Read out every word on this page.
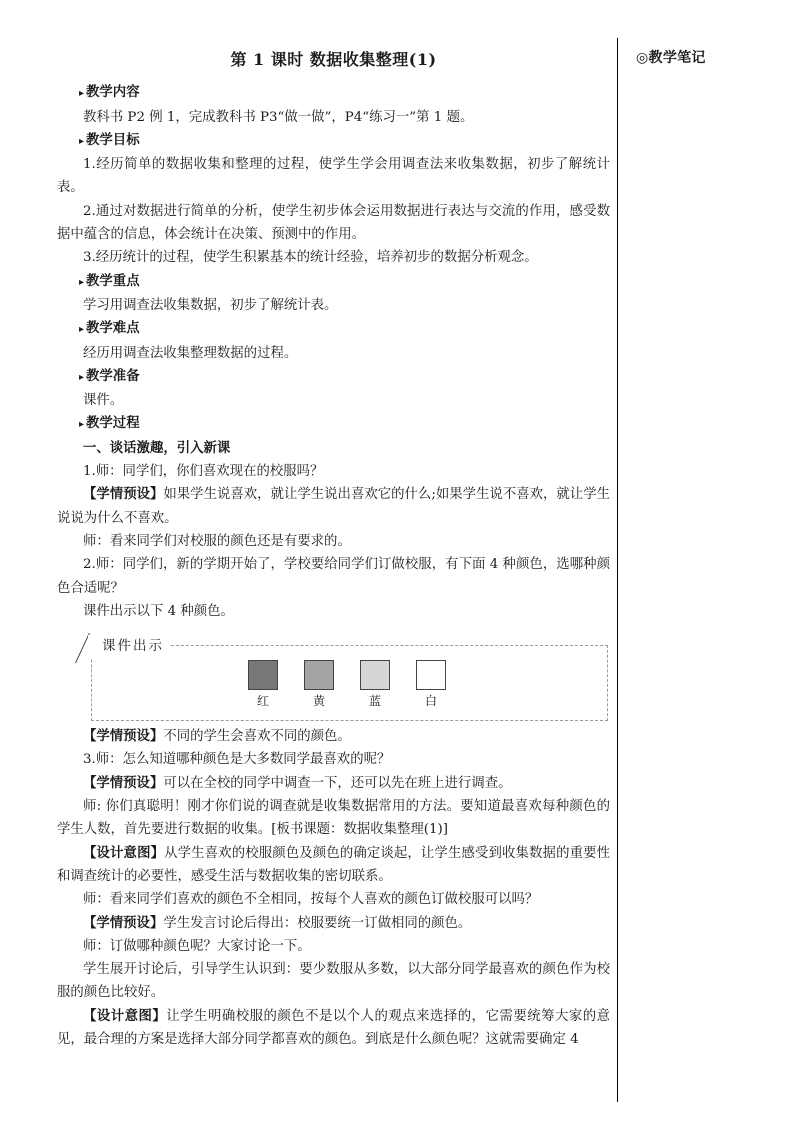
◎教学笔记
第 1 课时 数据收集整理(1)
▸ 教学内容
教科书 P2 例 1，完成教科书 P3“做一做”，P4“练习一”第 1 题。
▸ 教学目标
1.经历简单的数据收集和整理的过程，使学生学会用调查法来收集数据，初步了解统计表。
2.通过对数据进行简单的分析，使学生初步体会运用数据进行表达与交流的作用，感受数据中蕴含的信息，体会统计在决策、预测中的作用。
3.经历统计的过程，使学生积累基本的统计经验，培养初步的数据分析观念。
▸ 教学重点
学习用调查法收集数据，初步了解统计表。
▸ 教学难点
经历用调查法收集整理数据的过程。
▸ 教学准备
课件。
▸ 教学过程
一、谈话激趣，引入新课
1.师：同学们，你们喜欢现在的校服吗？
【学情预设】如果学生说喜欢，就让学生说出喜欢它的什么;如果学生说不喜欢，就让学生说说为什么不喜欢。
师：看来同学们对校服的颜色还是有要求的。
2.师：同学们，新的学期开始了，学校要给同学们订做校服，有下面 4 种颜色，选哪种颜色合适呢？
课件出示以下 4 种颜色。
课件出示
红	黄	蓝	白
【学情预设】不同的学生会喜欢不同的颜色。
3.师：怎么知道哪种颜色是大多数同学最喜欢的呢？
【学情预设】可以在全校的同学中调查一下，还可以先在班上进行调查。
师: 你们真聪明！刚才你们说的调查就是收集数据常用的方法。要知道最喜欢每种颜色的学生人数，首先要进行数据的收集。[板书课题：数据收集整理(1)]
【设计意图】从学生喜欢的校服颜色及颜色的确定谈起，让学生感受到收集数据的重要性和调查统计的必要性，感受生活与数据收集的密切联系。
师：看来同学们喜欢的颜色不全相同，按每个人喜欢的颜色订做校服可以吗？
【学情预设】学生发言讨论后得出：校服要统一订做相同的颜色。
师：订做哪种颜色呢？大家讨论一下。
学生展开讨论后，引导学生认识到：要少数服从多数，以大部分同学最喜欢的颜色作为校服的颜色比较好。
【设计意图】让学生明确校服的颜色不是以个人的观点来选择的，它需要统筹大家的意见，最合理的方案是选择大部分同学都喜欢的颜色。到底是什么颜色呢？这就需要确定 4
